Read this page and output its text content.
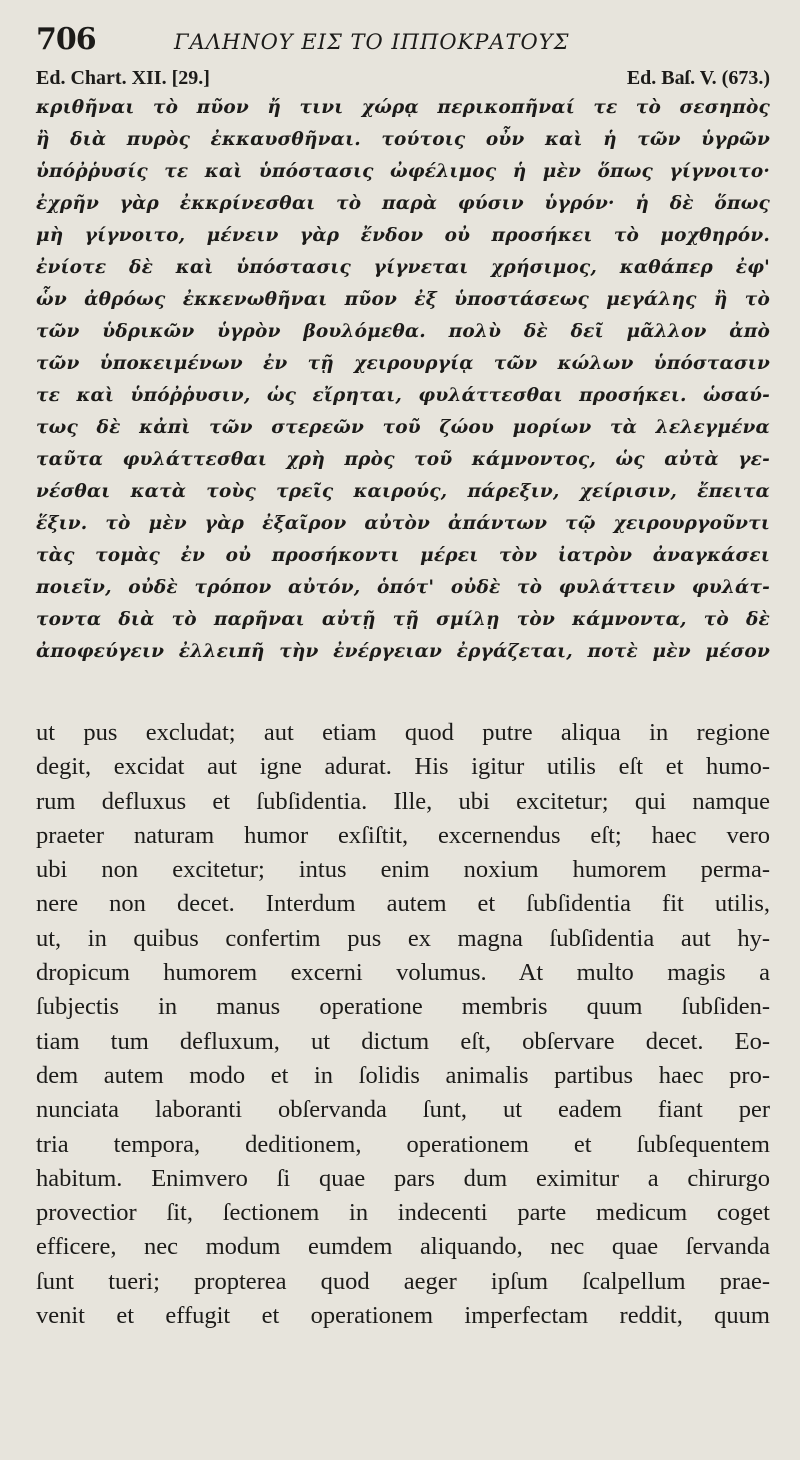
706	ΓΑΛΗΝΟΥ ΕΙΣ ΤΟ ΙΠΠΟΚΡΑΤΟΥΣ
Ed. Chart. XII. [29.]	Ed. Baſ. V. (673.)
κριθῆναι τὸ πῦον ἤ τινι χώρᾳ περικοπῆναί τε τὸ σεσηπὸς
ἢ διὰ πυρὸς ἐκκαυσθῆναι. τούτοις οὖν καὶ ἡ τῶν ὑγρῶν
ὑπόῤῥυσίς τε καὶ ὑπόστασις ὠφέλιμος ἡ μὲν ὅπως γίγνοιτο·
ἐχρῆν γὰρ ἐκκρίνεσθαι τὸ παρὰ φύσιν ὑγρόν· ἡ δὲ ὅπως
μὴ γίγνοιτο, μένειν γὰρ ἔνδον οὐ προσήκει τὸ μοχθηρόν.
ἐνίοτε δὲ καὶ ὑπόστασις γίγνεται χρήσιμος, καθάπερ ἐφ'
ὧν ἀθρόως ἐκκενωθῆναι πῦον ἐξ ὑποστάσεως μεγάλης ἢ τὸ
τῶν ὑδρικῶν ὑγρὸν βουλόμεθα. πολὺ δὲ δεῖ μᾶλλον ἀπὸ
τῶν ὑποκειμένων ἐν τῇ χειρουργίᾳ τῶν κώλων ὑπόστασιν
τε καὶ ὑπόῤῥυσιν, ὡς εἴρηται, φυλάττεσθαι προσήκει. ὡσαύ-
τως δὲ κἀπὶ τῶν στερεῶν τοῦ ζώου μορίων τὰ λελεγμένα
ταῦτα φυλάττεσθαι χρὴ πρὸς τοῦ κάμνοντος, ὡς αὐτὰ γε-
νέσθαι κατὰ τοὺς τρεῖς καιρούς, πάρεξιν, χείρισιν, ἔπειτα
ἕξιν. τὸ μὲν γὰρ ἐξαῖρον αὐτὸν ἀπάντων τῷ χειρουργοῦντι
τὰς τομὰς ἐν οὐ προσήκοντι μέρει τὸν ἰατρὸν ἀναγκάσει
ποιεῖν, οὐδὲ τρόπον αὐτόν, ὁπότ' οὐδὲ τὸ φυλάττειν φυλάτ-
τοντα διὰ τὸ παρῆναι αὐτῇ τῇ σμίλῃ τὸν κάμνοντα, τὸ δὲ
ἀποφεύγειν ἐλλειπῆ τὴν ἐνέργειαν ἐργάζεται, ποτὲ μὲν μέσον
ut pus excludat; aut etiam quod putre aliqua in regione
degit, excidat aut igne adurat. His igitur utilis eſt et humo-
rum defluxus et ſubſidentia. Ille, ubi excitetur; qui namque
praeter naturam humor exſiſtit, excernendus eſt; haec vero
ubi non excitetur; intus enim noxium humorem perma-
nere non decet. Interdum autem et ſubſidentia fit utilis,
ut, in quibus confertim pus ex magna ſubſidentia aut hy-
dropicum humorem excerni volumus. At multo magis a
ſubjectis in manus operatione membris quum ſubſiden-
tiam tum defluxum, ut dictum eſt, obſervare decet. Eo-
dem autem modo et in ſolidis animalis partibus haec pro-
nunciata laboranti obſervanda ſunt, ut eadem fiant per
tria tempora, deditionem, operationem et ſubſequentem
habitum. Enimvero ſi quae pars dum eximitur a chirurgo
provectior ſit, ſectionem in indecenti parte medicum coget
efficere, nec modum eumdem aliquando, nec quae ſervanda
ſunt tueri; propterea quod aeger ipſum ſcalpellum prae-
venit et effugit et operationem imperfectam reddit, quum
